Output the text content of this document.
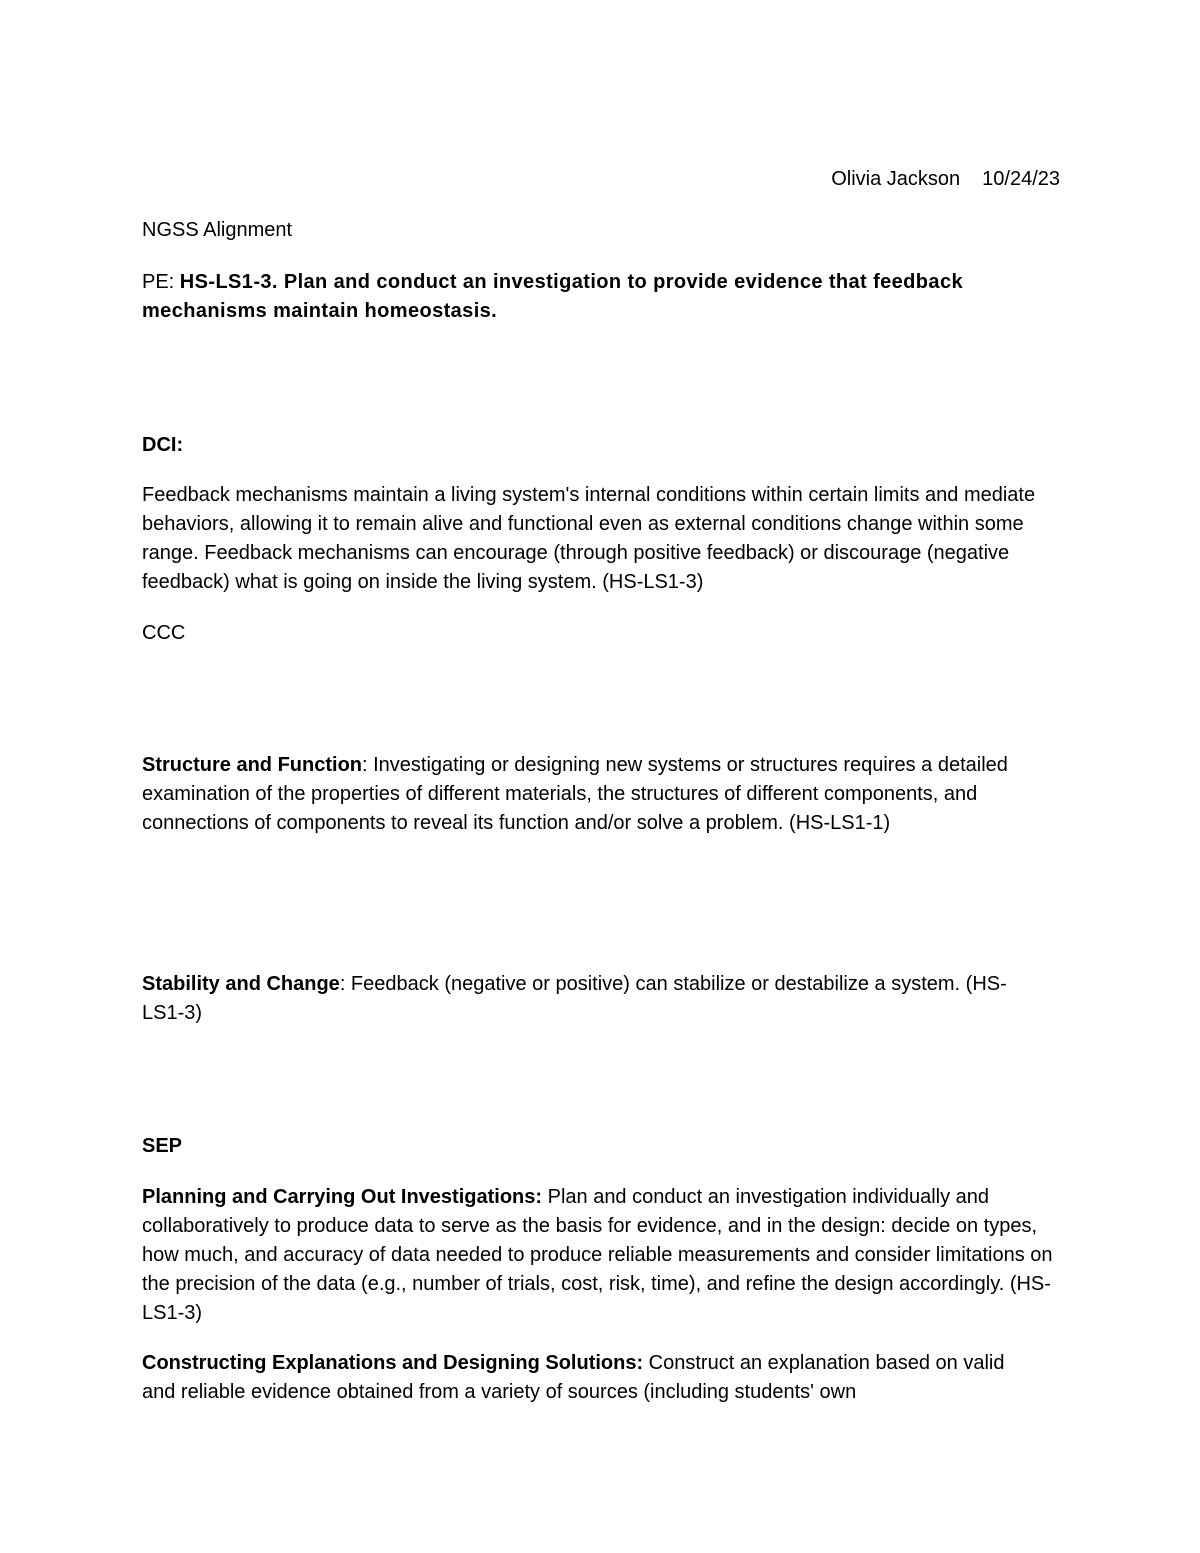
Olivia Jackson 10/24/23

NGSS Alignment

PE: HS-LS1-3. Plan and conduct an investigation to provide evidence that feedback mechanisms maintain homeostasis.

DCI:

Feedback mechanisms maintain a living system's internal conditions within certain limits and mediate behaviors, allowing it to remain alive and functional even as external conditions change within some range. Feedback mechanisms can encourage (through positive feedback) or discourage (negative feedback) what is going on inside the living system. (HS-LS1-3)

CCC

Structure and Function: Investigating or designing new systems or structures requires a detailed examination of the properties of different materials, the structures of different components, and connections of components to reveal its function and/or solve a problem. (HS-LS1-1)

Stability and Change: Feedback (negative or positive) can stabilize or destabilize a system. (HS-LS1-3)

SEP

Planning and Carrying Out Investigations: Plan and conduct an investigation individually and collaboratively to produce data to serve as the basis for evidence, and in the design: decide on types, how much, and accuracy of data needed to produce reliable measurements and consider limitations on the precision of the data (e.g., number of trials, cost, risk, time), and refine the design accordingly. (HS-LS1-3)

Constructing Explanations and Designing Solutions: Construct an explanation based on valid and reliable evidence obtained from a variety of sources (including students' own
